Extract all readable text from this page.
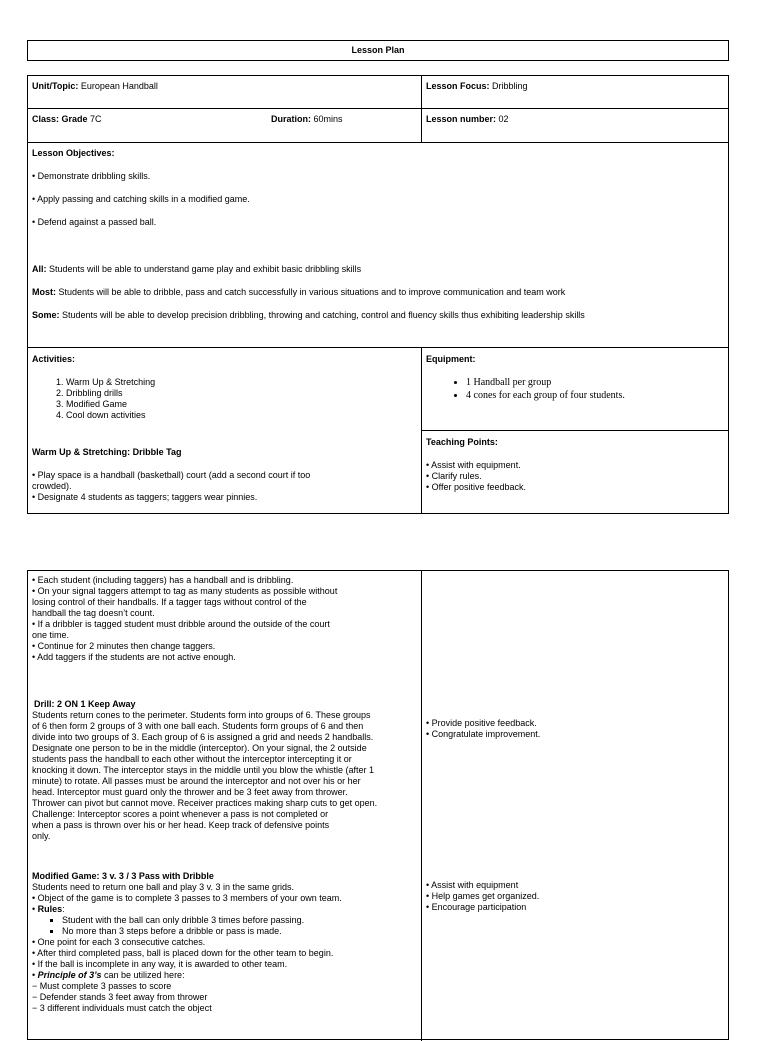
Lesson Plan
Unit/Topic: European Handball	Lesson Focus: Dribbling
Class: Grade 7C	Duration: 60mins	Lesson number: 02
Lesson Objectives:
• Demonstrate dribbling skills.
• Apply passing and catching skills in a modified game.
• Defend against a passed ball.
All: Students will be able to understand game play and exhibit basic dribbling skills
Most: Students will be able to dribble, pass and catch successfully in various situations and to improve communication and team work
Some: Students will be able to develop precision dribbling, throwing and catching, control and fluency skills thus exhibiting leadership skills
Activities:
1. Warm Up & Stretching
2. Dribbling drills
3. Modified Game
4. Cool down activities
Warm Up & Stretching: Dribble Tag

• Play space is a handball (basketball) court (add a second court if too

crowded).

• Designate 4 students as taggers; taggers wear pinnies.

Equipment:
• 1 Handball per group
• 4 cones for each group of four students.
Teaching Points:

• Assist with equipment.

• Clarify rules.

• Offer positive feedback.

• Each student (including taggers) has a handball and is dribbling.

• On your signal taggers attempt to tag as many students as possible without

losing control of their handballs. If a tagger tags without control of the

handball the tag doesn’t count.

• If a dribbler is tagged student must dribble around the outside of the court

one time.

• Continue for 2 minutes then change taggers.

• Add taggers if the students are not active enough.

Drill: 2 ON 1 Keep Away

Students return cones to the perimeter. Students form into groups of 6. These groups

of 6 then form 2 groups of 3 with one ball each. Students form groups of 6 and then

divide into two groups of 3. Each group of 6 is assigned a grid and needs 2 handballs.

Designate one person to be in the middle (interceptor). On your signal, the 2 outside

students pass the handball to each other without the interceptor intercepting it or

knocking it down. The interceptor stays in the middle until you blow the whistle (after 1

minute) to rotate. All passes must be around the interceptor and not over his or her

head. Interceptor must guard only the thrower and be 3 feet away from thrower.

Thrower can pivot but cannot move. Receiver practices making sharp cuts to get open.

Challenge: Interceptor scores a point whenever a pass is not completed or

when a pass is thrown over his or her head. Keep track of defensive points

only.

• Provide positive feedback.

• Congratulate improvement.

Modified Game: 3 v. 3 / 3 Pass with Dribble

Students need to return one ball and play 3 v. 3 in the same grids.

• Object of the game is to complete 3 passes to 3 members of your own team.

• Rules:

▪ Student with the ball can only dribble 3 times before passing.
▪ No more than 3 steps before a dribble or pass is made.

• One point for each 3 consecutive catches.

• After third completed pass, ball is placed down for the other team to begin.

• If the ball is incomplete in any way, it is awarded to other team.

• Principle of 3’s can be utilized here:

− Must complete 3 passes to score

− Defender stands 3 feet away from thrower

− 3 different individuals must catch the object

• Assist with equipment

• Help games get organized.

• Encourage participation
